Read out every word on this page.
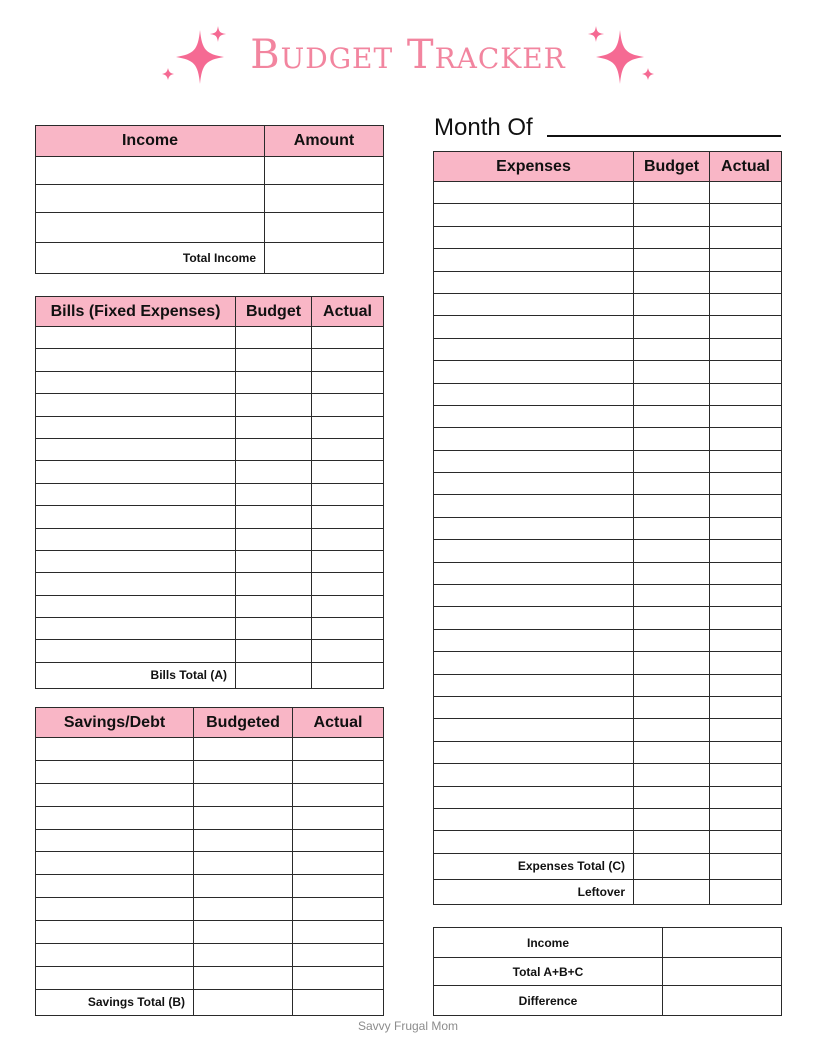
Budget Tracker
Income	Amount

Total Income	
Bills (Fixed Expenses)	Budget	Actual

Bills Total (A)		
Savings/Debt	Budgeted	Actual

Savings Total (B)		
Month Of
Expenses	Budget	Actual

Expenses Total (C)		
Leftover		
Income	
Total A+B+C	
Difference	
Savvy Frugal Mom
